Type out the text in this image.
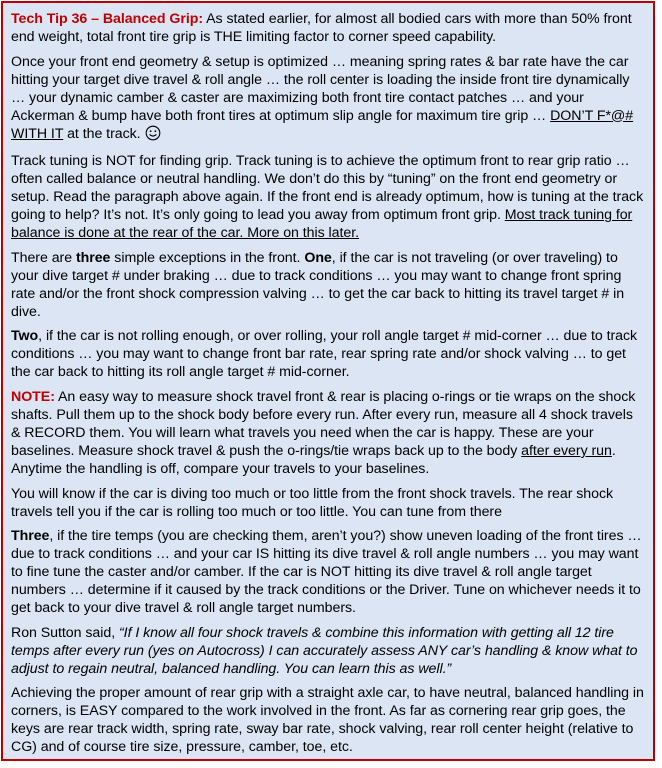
Tech Tip 36 – Balanced Grip: As stated earlier, for almost all bodied cars with more than 50% front end weight, total front tire grip is THE limiting factor to corner speed capability.

Once your front end geometry & setup is optimized … meaning spring rates & bar rate have the car hitting your target dive travel & roll angle … the roll center is loading the inside front tire dynamically … your dynamic camber & caster are maximizing both front tire contact patches … and your Ackerman & bump have both front tires at optimum slip angle for maximum tire grip … DON’T F*@# WITH IT at the track.

Track tuning is NOT for finding grip. Track tuning is to achieve the optimum front to rear grip ratio … often called balance or neutral handling. We don’t do this by “tuning” on the front end geometry or setup. Read the paragraph above again. If the front end is already optimum, how is tuning at the track going to help? It’s not. It’s only going to lead you away from optimum front grip. Most track tuning for balance is done at the rear of the car. More on this later.

There are three simple exceptions in the front. One, if the car is not traveling (or over traveling) to your dive target # under braking … due to track conditions … you may want to change front spring rate and/or the front shock compression valving … to get the car back to hitting its travel target # in dive.

Two, if the car is not rolling enough, or over rolling, your roll angle target # mid-corner … due to track conditions … you may want to change front bar rate, rear spring rate and/or shock valving … to get the car back to hitting its roll angle target # mid-corner.

NOTE: An easy way to measure shock travel front & rear is placing o-rings or tie wraps on the shock shafts. Pull them up to the shock body before every run. After every run, measure all 4 shock travels & RECORD them. You will learn what travels you need when the car is happy. These are your baselines. Measure shock travel & push the o-rings/tie wraps back up to the body after every run. Anytime the handling is off, compare your travels to your baselines.

You will know if the car is diving too much or too little from the front shock travels. The rear shock travels tell you if the car is rolling too much or too little. You can tune from there

Three, if the tire temps (you are checking them, aren’t you?) show uneven loading of the front tires … due to track conditions … and your car IS hitting its dive travel & roll angle numbers … you may want to fine tune the caster and/or camber. If the car is NOT hitting its dive travel & roll angle target numbers … determine if it caused by the track conditions or the Driver. Tune on whichever needs it to get back to your dive travel & roll angle target numbers.

Ron Sutton said, “If I know all four shock travels & combine this information with getting all 12 tire temps after every run (yes on Autocross) I can accurately assess ANY car’s handling & know what to adjust to regain neutral, balanced handling. You can learn this as well.”

Achieving the proper amount of rear grip with a straight axle car, to have neutral, balanced handling in corners, is EASY compared to the work involved in the front. As far as cornering rear grip goes, the keys are rear track width, spring rate, sway bar rate, shock valving, rear roll center height (relative to CG) and of course tire size, pressure, camber, toe, etc.
